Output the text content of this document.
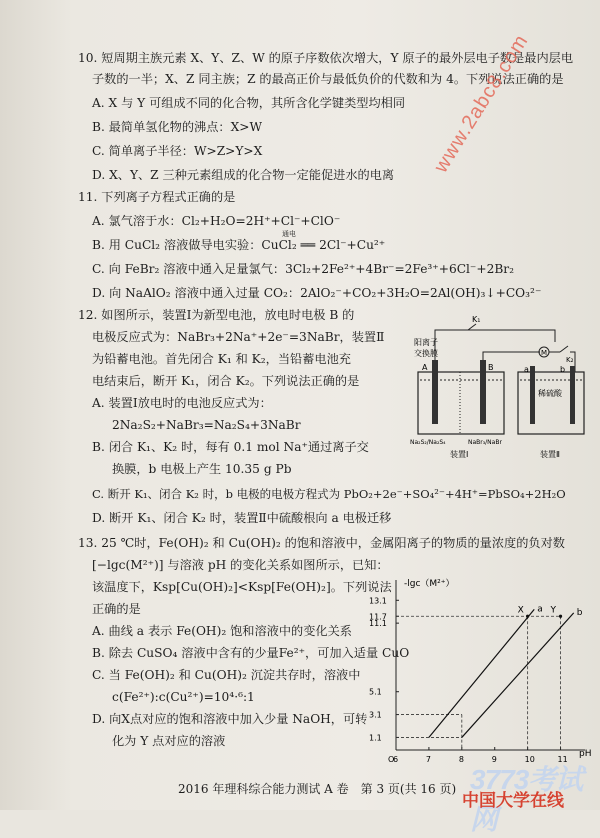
10. 短周期主族元素 X、Y、Z、W 的原子序数依次增大，Y 原子的最外层电子数是最内层电
子数的一半；X、Z 同主族；Z 的最高正价与最低负价的代数和为 4。下列说法正确的是
A. X 与 Y 可组成不同的化合物，其所含化学键类型均相同
B. 最简单氢化物的沸点：X>W
C. 简单离子半径：W>Z>Y>X
D. X、Y、Z 三种元素组成的化合物一定能促进水的电离
11. 下列离子方程式正确的是
A. 氯气溶于水：Cl₂+H₂O=2H⁺+Cl⁻+ClO⁻
B. 用 CuCl₂ 溶液做导电实验：CuCl₂ ══ 2Cl⁻+Cu²⁺
通电
C. 向 FeBr₂ 溶液中通入足量氯气：3Cl₂+2Fe²⁺+4Br⁻=2Fe³⁺+6Cl⁻+2Br₂
D. 向 NaAlO₂ 溶液中通入过量 CO₂：2AlO₂⁻+CO₂+3H₂O=2Al(OH)₃↓+CO₃²⁻
12. 如图所示，装置Ⅰ为新型电池，放电时电极 B 的
电极反应式为：NaBr₃+2Na⁺+2e⁻=3NaBr，装置Ⅱ
为铅蓄电池。首先闭合 K₁ 和 K₂，当铅蓄电池充
电结束后，断开 K₁，闭合 K₂。下列说法正确的是
A. 装置Ⅰ放电时的电池反应式为：
2Na₂S₂+NaBr₃=Na₂S₄+3NaBr
B. 闭合 K₁、K₂ 时，每有 0.1 mol Na⁺通过离子交
换膜，b 电极上产生 10.35 g Pb
C. 断开 K₁、闭合 K₂ 时，b 电极的电极方程式为 PbO₂+2e⁻+SO₄²⁻+4H⁺=PbSO₄+2H₂O
D. 断开 K₁、闭合 K₂ 时，装置Ⅱ中硫酸根向 a 电极迁移
K₁
阳离子
交换膜
A	B
M
K₂
a	b
稀硫酸
Na₂S₂/Na₂S₄	NaBr₃/NaBr
装置Ⅰ	装置Ⅱ
13. 25 ℃时，Fe(OH)₂ 和 Cu(OH)₂ 的饱和溶液中，金属阳离子的物质的量浓度的负对数
[−lgc(M²⁺)] 与溶液 pH 的变化关系如图所示，已知：
该温度下，Ksp[Cu(OH)₂]<Ksp[Fe(OH)₂]。下列说法
正确的是
A. 曲线 a 表示 Fe(OH)₂ 饱和溶液中的变化关系
B. 除去 CuSO₄ 溶液中含有的少量Fe²⁺，可加入适量 CuO
C. 当 Fe(OH)₂ 和 Cu(OH)₂ 沉淀共存时，溶液中
c(Fe²⁺):c(Cu²⁺)=10⁴·⁶:1
D. 向X点对应的饱和溶液中加入少量 NaOH，可转
化为 Y 点对应的溶液
-lgc（M²⁺）
pH
O
6	7	8	9	10	11
13.1
11.7
11.1
5.1
3.1
1.1
a	b
X	Y
www.2abc8.com
2016 年理科综合能力测试 A 卷　第 3 页(共 16 页) 3773考试网
中国大学在线
